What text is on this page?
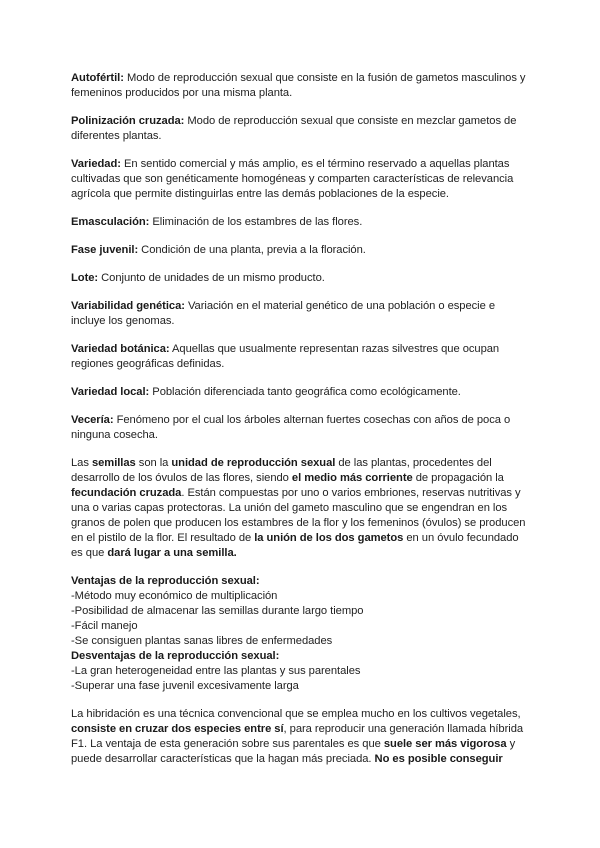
Autofértil: Modo de reproducción sexual que consiste en la fusión de gametos masculinos y femeninos producidos por una misma planta.

Polinización cruzada: Modo de reproducción sexual que consiste en mezclar gametos de diferentes plantas.

Variedad: En sentido comercial y más amplio, es el término reservado a aquellas plantas cultivadas que son genéticamente homogéneas y comparten características de relevancia agrícola que permite distinguirlas entre las demás poblaciones de la especie.

Emasculación: Eliminación de los estambres de las flores.

Fase juvenil: Condición de una planta, previa a la floración.

Lote: Conjunto de unidades de un mismo producto.

Variabilidad genética: Variación en el material genético de una población o especie e incluye los genomas.

Variedad botánica: Aquellas que usualmente representan razas silvestres que ocupan regiones geográficas definidas.

Variedad local: Población diferenciada tanto geográfica como ecológicamente.

Vecería: Fenómeno por el cual los árboles alternan fuertes cosechas con años de poca o ninguna cosecha.

Las semillas son la unidad de reproducción sexual de las plantas, procedentes del desarrollo de los óvulos de las flores, siendo el medio más corriente de propagación la fecundación cruzada. Están compuestas por uno o varios embriones, reservas nutritivas y una o varias capas protectoras. La unión del gameto masculino que se engendran en los granos de polen que producen los estambres de la flor y los femeninos (óvulos) se producen en el pistilo de la flor. El resultado de la unión de los dos gametos en un óvulo fecundado es que dará lugar a una semilla.

Ventajas de la reproducción sexual:
-Método muy económico de multiplicación
-Posibilidad de almacenar las semillas durante largo tiempo
-Fácil manejo
-Se consiguen plantas sanas libres de enfermedades
Desventajas de la reproducción sexual:
-La gran heterogeneidad entre las plantas y sus parentales
-Superar una fase juvenil excesivamente larga

La hibridación es una técnica convencional que se emplea mucho en los cultivos vegetales, consiste en cruzar dos especies entre sí, para reproducir una generación llamada híbrida F1. La ventaja de esta generación sobre sus parentales es que suele ser más vigorosa y puede desarrollar características que la hagan más preciada. No es posible conseguir
